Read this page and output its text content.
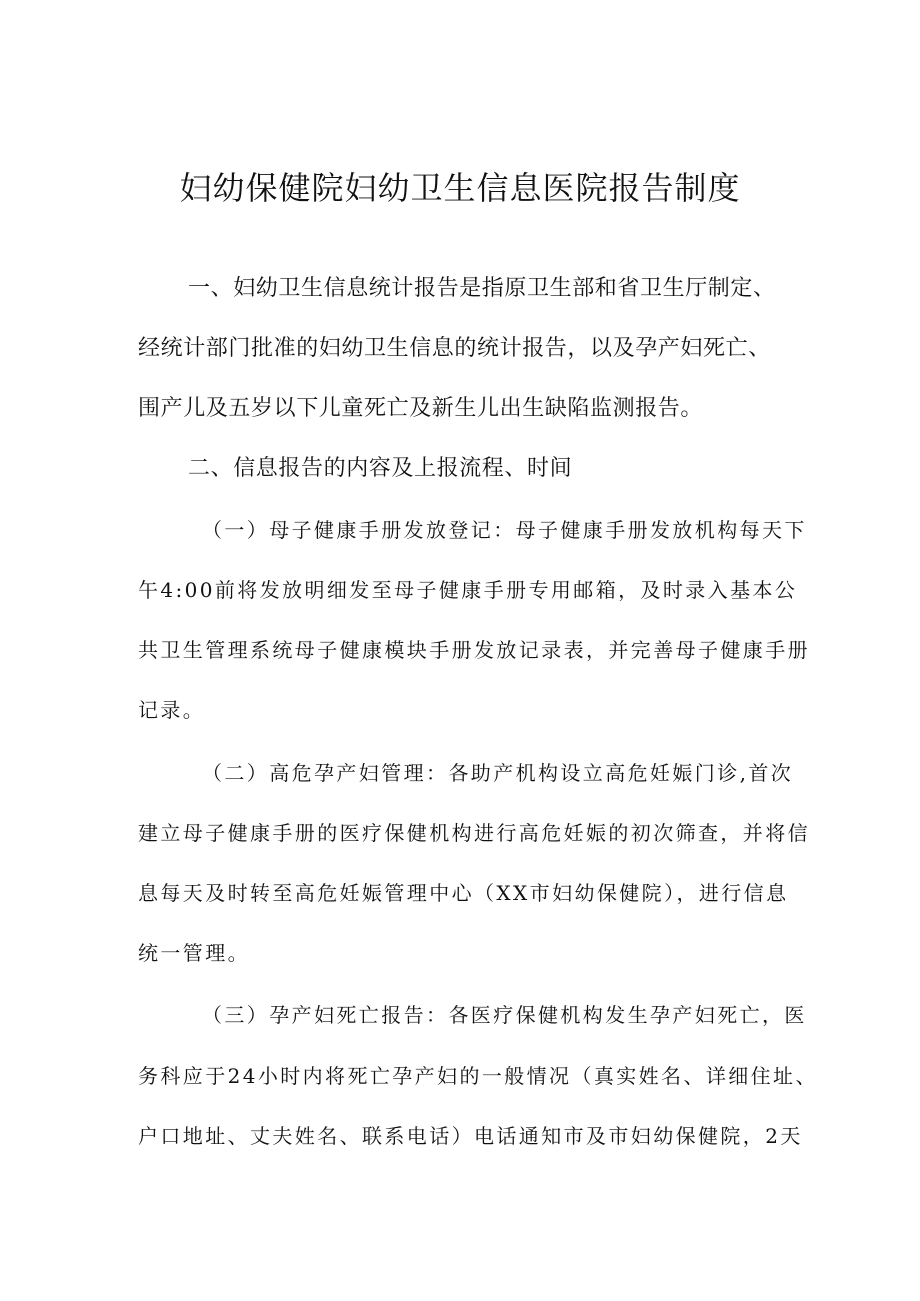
妇幼保健院妇幼卫生信息医院报告制度

一、妇幼卫生信息统计报告是指原卫生部和省卫生厅制定、

经统计部门批准的妇幼卫生信息的统计报告，以及孕产妇死亡、

围产儿及五岁以下儿童死亡及新生儿出生缺陷监测报告。

二、信息报告的内容及上报流程、时间

（一）母子健康手册发放登记：母子健康手册发放机构每天下

午4:00前将发放明细发至母子健康手册专用邮箱，及时录入基本公

共卫生管理系统母子健康模块手册发放记录表，并完善母子健康手册

记录。

（二）高危孕产妇管理：各助产机构设立高危妊娠门诊,首次

建立母子健康手册的医疗保健机构进行高危妊娠的初次筛查，并将信

息每天及时转至高危妊娠管理中心（XX市妇幼保健院），进行信息

统一管理。

（三）孕产妇死亡报告：各医疗保健机构发生孕产妇死亡，医

务科应于24小时内将死亡孕产妇的一般情况（真实姓名、详细住址、

户口地址、丈夫姓名、联系电话）电话通知市及市妇幼保健院，2天
